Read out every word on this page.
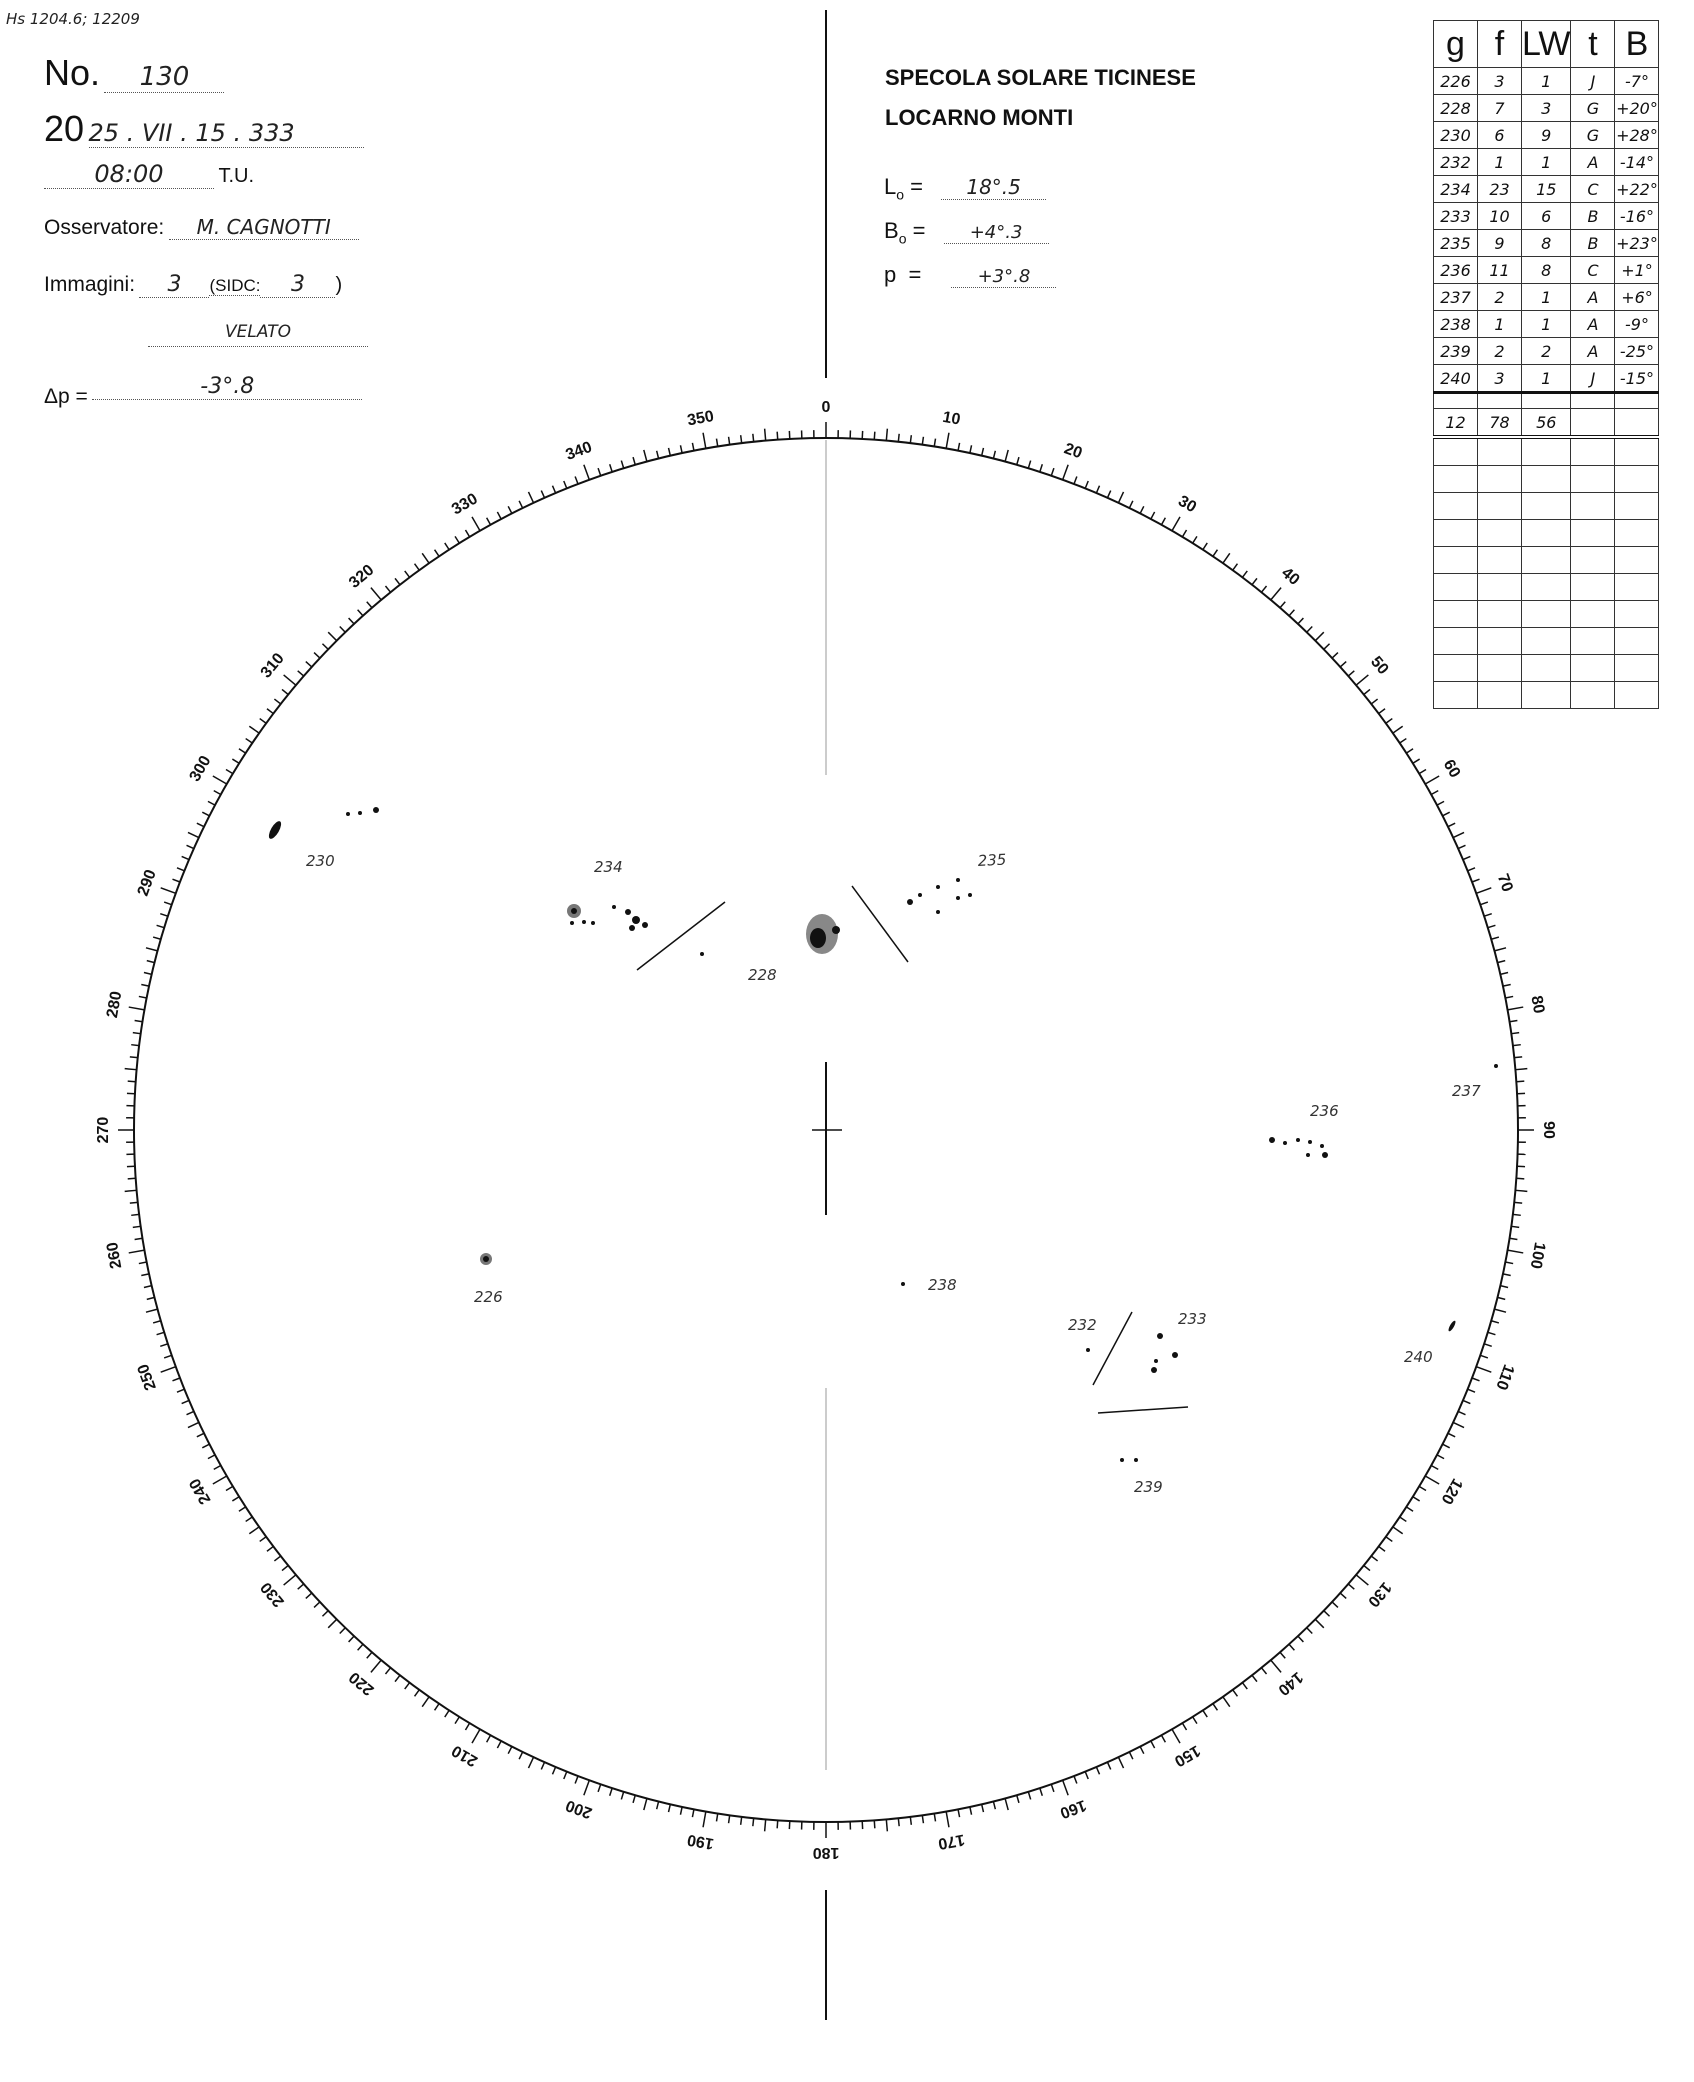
Hs 1204.6; 12209
No. 130
20 25 . VII . 15 . 333
08:00	T.U.
Osservatore: M. CAGNOTTI
Immagini: 3 (SIDC: 3 )
VELATO
Δp =	-3°.8
SPECOLA SOLARE TICINESE
LOCARNO MONTI
$L_o = 18^\circ.5$
$B_o = +4^\circ.3$
p  =	+3°.8
g	f	LW	t	B
226	3	1	J	-7°
228	7	3	G	+20°
230	6	9	G	+28°
232	1	1	A	-14°
234	23	15	C	+22°
233	10	6	B	-16°
235	9	8	B	+23°
236	11	8	C	+1°
237	2	1	A	+6°
238	1	1	A	-9°
239	2	2	A	-25°
240	3	1	J	-15°

12	78	56		

0
10
20
30
40
50
60
70
80
90
100
110
120
130
140
150
160
170
180
190
200
210
220
230
240
250
260
270
280
290
300
310
320
330
340
350
230	234
228
235
236
237
226
238
232	233
240
239
